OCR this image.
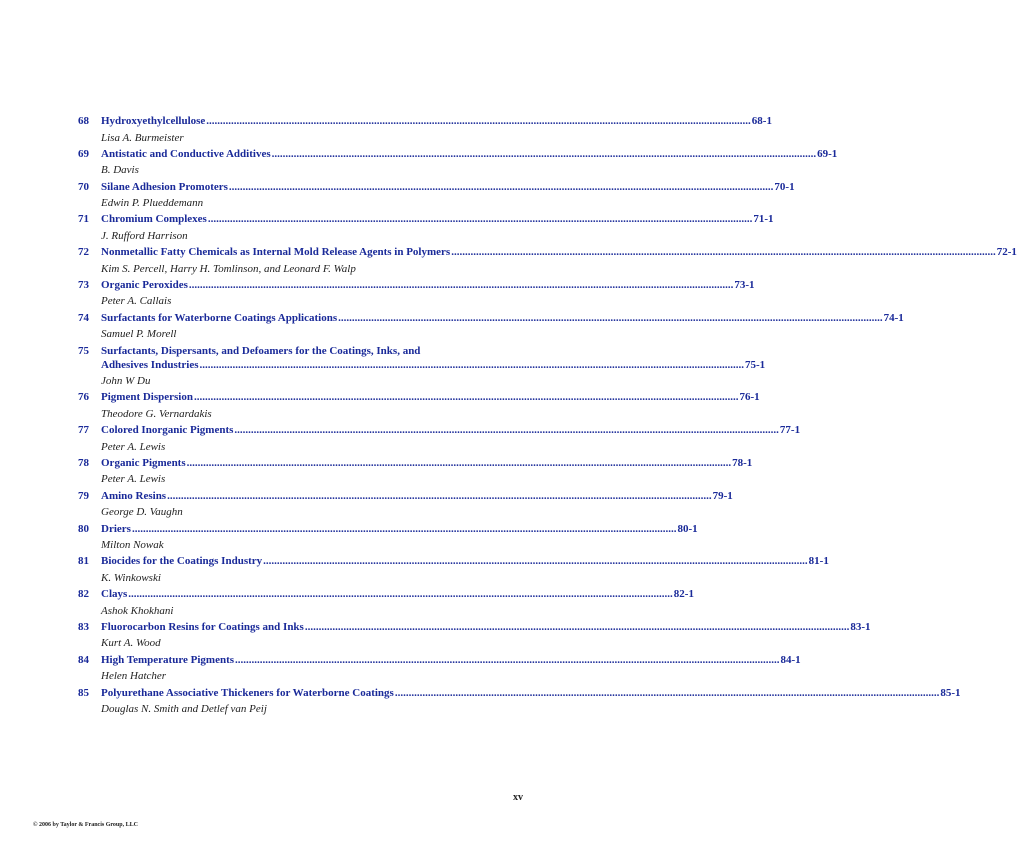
68	Hydroxyethylcellulose .....	68-1
Lisa A. Burmeister
69	Antistatic and Conductive Additives .....	69-1
B. Davis
70	Silane Adhesion Promoters .....	70-1
Edwin P. Plueddemann
71	Chromium Complexes .....	71-1
J. Rufford Harrison
72	Nonmetallic Fatty Chemicals as Internal Mold Release Agents in Polymers .....	72-1
Kim S. Percell, Harry H. Tomlinson, and Leonard F. Walp
73	Organic Peroxides .....	73-1
Peter A. Callais
74	Surfactants for Waterborne Coatings Applications .....	74-1
Samuel P. Morell
75	Surfactants, Dispersants, and Defoamers for the Coatings, Inks, and
Adhesives Industries .....	75-1
John W Du
76	Pigment Dispersion .....	76-1
Theodore G. Vernardakis
77	Colored Inorganic Pigments .....	77-1
Peter A. Lewis
78	Organic Pigments .....	78-1
Peter A. Lewis
79	Amino Resins .....	79-1
George D. Vaughn
80	Driers .....	80-1
Milton Nowak
81	Biocides for the Coatings Industry .....	81-1
K. Winkowski
82	Clays .....	82-1
Ashok Khokhani
83	Fluorocarbon Resins for Coatings and Inks .....	83-1
Kurt A. Wood
84	High Temperature Pigments .....	84-1
Helen Hatcher
85	Polyurethane Associative Thickeners for Waterborne Coatings .....	85-1
Douglas N. Smith and Detlef van Peij
xv
© 2006 by Taylor & Francis Group, LLC
